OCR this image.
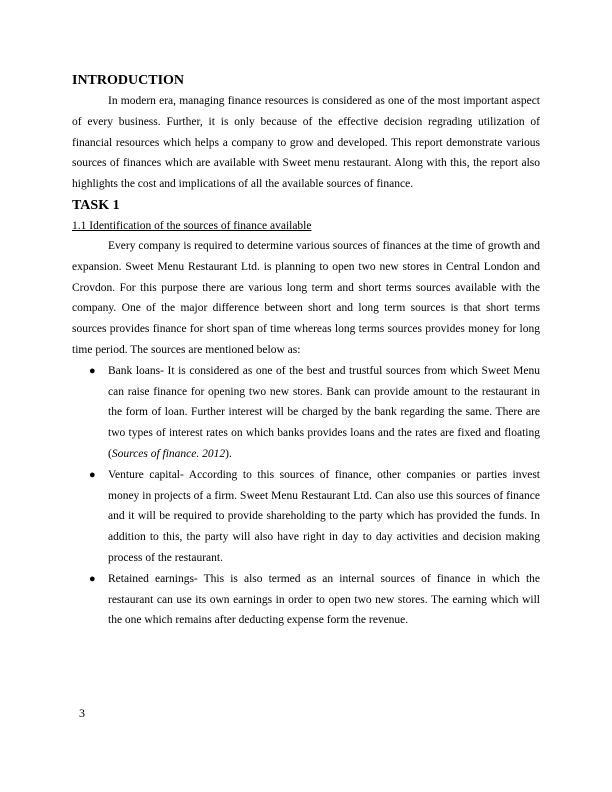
INTRODUCTION

In modern era, managing finance resources is considered as one of the most important aspect of every business. Further, it is only because of the effective decision regrading utilization of financial resources which helps a company to grow and developed. This report demonstrate various sources of finances which are available with Sweet menu restaurant. Along with this, the report also highlights the cost and implications of all the available sources of finance.

TASK 1

1.1 Identification of the sources of finance available

Every company is required to determine various sources of finances at the time of growth and expansion. Sweet Menu Restaurant Ltd. is planning to open two new stores in Central London and Crovdon. For this purpose there are various long term and short terms sources available with the company. One of the major difference between short and long term sources is that short terms sources provides finance for short span of time whereas long terms sources provides money for long time period. The sources are mentioned below as:

● Bank loans- It is considered as one of the best and trustful sources from which Sweet Menu can raise finance for opening two new stores. Bank can provide amount to the restaurant in the form of loan. Further interest will be charged by the bank regarding the same. There are two types of interest rates on which banks provides loans and the rates are fixed and floating (Sources of finance. 2012).
● Venture capital- According to this sources of finance, other companies or parties invest money in projects of a firm. Sweet Menu Restaurant Ltd. Can also use this sources of finance and it will be required to provide shareholding to the party which has provided the funds. In addition to this, the party will also have right in day to day activities and decision making process of the restaurant.
● Retained earnings- This is also termed as an internal sources of finance in which the restaurant can use its own earnings in order to open two new stores. The earning which will the one which remains after deducting expense form the revenue.
3
